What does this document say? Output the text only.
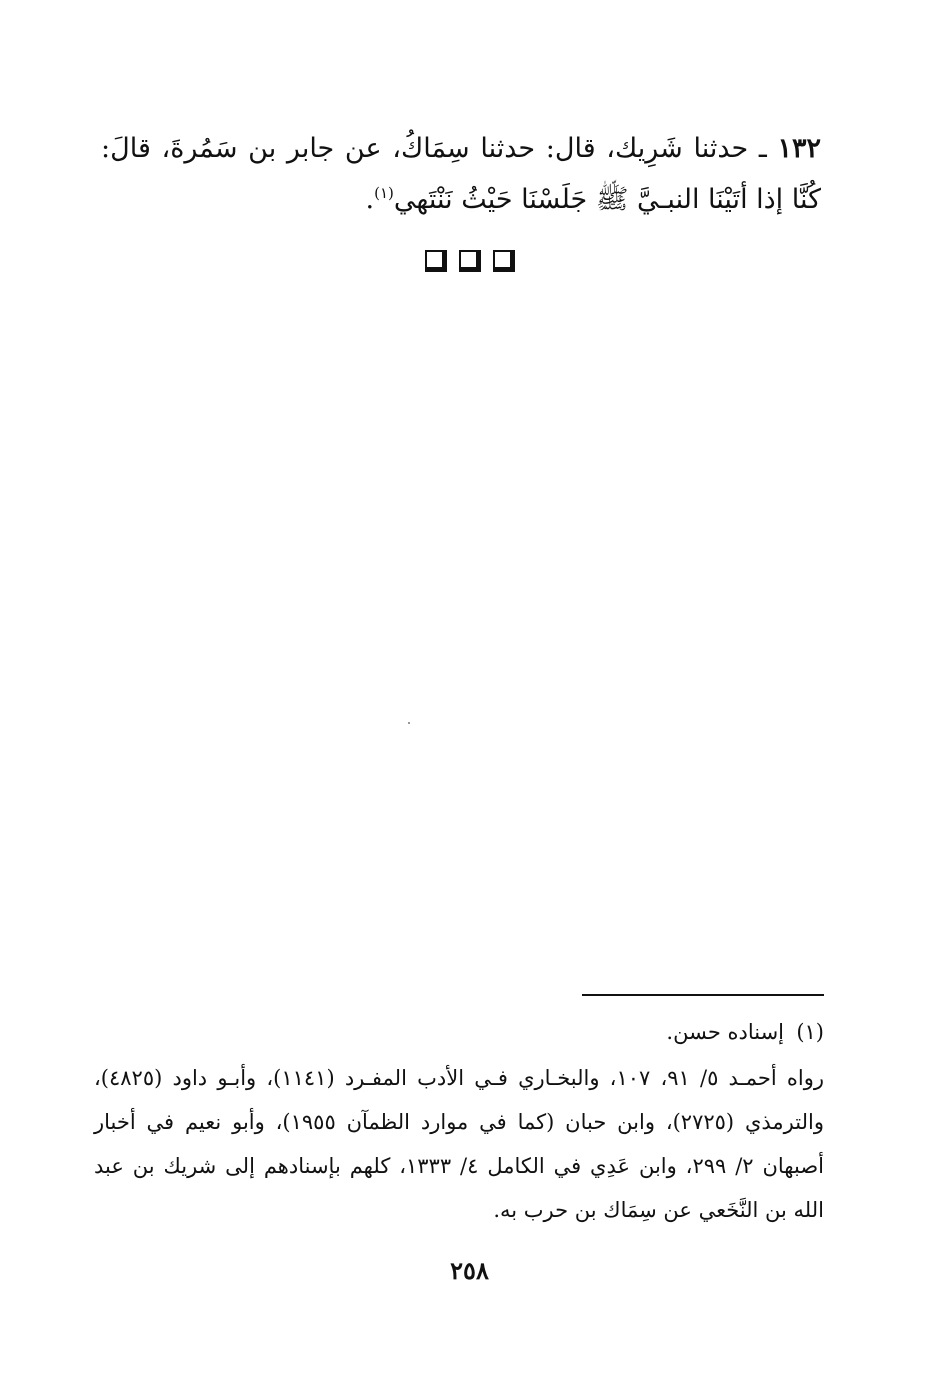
١٣٢ ـ حدثنا شَرِيك، قال: حدثنا سِمَاكُ، عن جابر بن سَمُرةَ، قالَ: كُنَّا إذا أتَيْنَا النبـيَّ ﷺ جَلَسْنَا حَيْثُ نَنْتَهي$^{(١)}$.

(١)
إسناده حسن.
رواه أحمـد ٥/ ٩١، ١٠٧، والبخـاري فـي الأدب المفـرد (١١٤١)، وأبـو داود (٤٨٢٥)، والترمذي (٢٧٢٥)، وابن حبان (كما في موارد الظمآن ١٩٥٥)، وأبو نعيم في أخبار أصبهان ٢/ ٢٩٩، وابن عَدِي في الكامل ٤/ ١٣٣٣، كلهم بإسنادهم إلى شريك بن عبد الله بن النَّخَعي عن سِمَاك بن حرب به.
٢٥٨
